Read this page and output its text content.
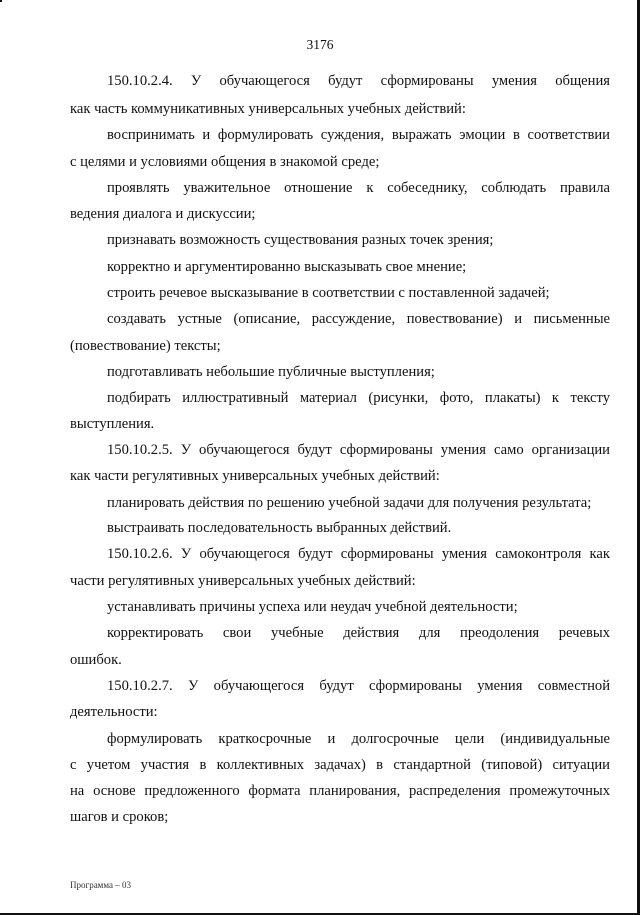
3176
150.10.2.4. У обучающегося будут сформированы умения общения
как часть коммуникативных универсальных учебных действий:
воспринимать и формулировать суждения, выражать эмоции в соответствии
с целями и условиями общения в знакомой среде;
проявлять уважительное отношение к собеседнику, соблюдать правила
ведения диалога и дискуссии;
признавать возможность существования разных точек зрения;
корректно и аргументированно высказывать свое мнение;
строить речевое высказывание в соответствии с поставленной задачей;
создавать устные (описание, рассуждение, повествование) и письменные
(повествование) тексты;
подготавливать небольшие публичные выступления;
подбирать иллюстративный материал (рисунки, фото, плакаты) к тексту
выступления.
150.10.2.5. У обучающегося будут сформированы умения само организации
как части регулятивных универсальных учебных действий:
планировать действия по решению учебной задачи для получения результата;
выстраивать последовательность выбранных действий.
150.10.2.6. У обучающегося будут сформированы умения самоконтроля как
части регулятивных универсальных учебных действий:
устанавливать причины успеха или неудач учебной деятельности;
корректировать свои учебные действия для преодоления речевых
ошибок.
150.10.2.7. У обучающегося будут сформированы умения совместной
деятельности:
формулировать краткосрочные и долгосрочные цели (индивидуальные
с учетом участия в коллективных задачах) в стандартной (типовой) ситуации
на основе предложенного формата планирования, распределения промежуточных
шагов и сроков;
Программа – 03
